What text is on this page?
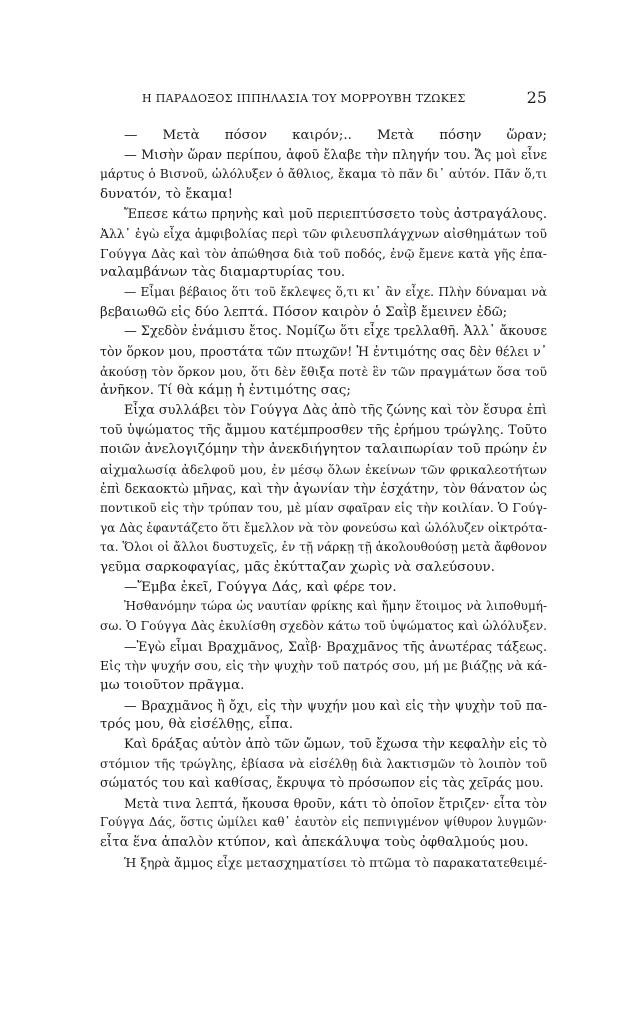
Η ΠΑΡΑΔΟΞΟΣ ΙΠΠΗΛΑΣΙΑ ΤΟΥ ΜΟΡΡΟΥΒΗ ΤΖΩΚΕΣ	25
— Μετὰ πόσον καιρόν;.. Μετὰ πόσην ὥραν;
— Μισὴν ὥραν περίπου, ἀφοῦ ἔλαβε τὴν πληγήν του. Ἄς μοὶ εἶνε
μάρτυς ὁ Βισνοῦ, ὠλόλυξεν ὁ ἄθλιος, ἔκαμα τὸ πᾶν δι᾽ αὐτόν. Πᾶν ὅ,τι
δυνατόν, τὸ ἔκαμα!
Ἔπεσε κάτω πρηνὴς καὶ μοῦ περιεπτύσσετο τοὺς ἀστραγάλους.
Ἀλλ᾽ ἐγὼ εἶχα ἀμφιβολίας περὶ τῶν φιλευσπλάγχνων αἰσθημάτων τοῦ
Γούγγα Δὰς καὶ τὸν ἀπώθησα διὰ τοῦ ποδός, ἐνῷ ἔμενε κατὰ γῆς ἐπα-
ναλαμβάνων τὰς διαμαρτυρίας του.
— Εἶμαι βέβαιος ὅτι τοῦ ἔκλεψες ὅ,τι κι᾽ ἂν εἶχε. Πλὴν δύναμαι νὰ
βεβαιωθῶ εἰς δύο λεπτά. Πόσον καιρὸν ὁ Σαῒβ ἔμεινεν ἐδῶ;
— Σχεδὸν ἐνάμισυ ἔτος. Νομίζω ὅτι εἶχε τρελλαθῆ. Ἀλλ᾽ ἄκουσε
τὸν ὅρκον μου, προστάτα τῶν πτωχῶν! Ἡ ἐντιμότης σας δὲν θέλει ν᾽
ἀκούσῃ τὸν ὅρκον μου, ὅτι δὲν ἔθιξα ποτὲ ἓν τῶν πραγμάτων ὅσα τοῦ
ἀνῆκον. Τί θὰ κάμῃ ἡ ἐντιμότης σας;
Εἶχα συλλάβει τὸν Γούγγα Δὰς ἀπὸ τῆς ζώνης καὶ τὸν ἔσυρα ἐπὶ
τοῦ ὑψώματος τῆς ἄμμου κατέμπροσθεν τῆς ἐρήμου τρώγλης. Τοῦτο
ποιῶν ἀνελογιζόμην τὴν ἀνεκδιήγητον ταλαιπωρίαν τοῦ πρώην ἐν
αἰχμαλωσίᾳ ἀδελφοῦ μου, ἐν μέσῳ ὅλων ἐκείνων τῶν φρικαλεοτήτων
ἐπὶ δεκαοκτὼ μῆνας, καὶ τὴν ἀγωνίαν τὴν ἐσχάτην, τὸν θάνατον ὡς
ποντικοῦ εἰς τὴν τρύπαν του, μὲ μίαν σφαῖραν εἰς τὴν κοιλίαν. Ὁ Γούγ-
γα Δὰς ἐφαντάζετο ὅτι ἔμελλον νὰ τὸν φονεύσω καὶ ὠλόλυζεν οἰκτρότα-
τα. Ὅλοι οἱ ἄλλοι δυστυχεῖς, ἐν τῇ νάρκῃ τῇ ἀκολουθούσῃ μετὰ ἄφθονον
γεῦμα σαρκοφαγίας, μᾶς ἐκύτταζαν χωρὶς νὰ σαλεύσουν.
—Ἔμβα ἐκεῖ, Γούγγα Δάς, καὶ φέρε τον.
Ἠσθανόμην τώρα ὡς ναυτίαν φρίκης καὶ ἤμην ἕτοιμος νὰ λιποθυμή-
σω. Ὁ Γούγγα Δὰς ἐκυλίσθη σχεδὸν κάτω τοῦ ὑψώματος καὶ ὠλόλυξεν.
—Ἐγὼ εἶμαι Βραχμᾶνος, Σαῒβ· Βραχμᾶνος τῆς ἀνωτέρας τάξεως.
Εἰς τὴν ψυχήν σου, εἰς τὴν ψυχὴν τοῦ πατρός σου, μή με βιάζῃς νὰ κά-
μω τοιοῦτον πρᾶγμα.
— Βραχμᾶνος ἢ ὄχι, εἰς τὴν ψυχήν μου καὶ εἰς τὴν ψυχὴν τοῦ πα-
τρός μου, θὰ εἰσέλθῃς, εἶπα.
Καὶ δράξας αὐτὸν ἀπὸ τῶν ὤμων, τοῦ ἔχωσα τὴν κεφαλὴν εἰς τὸ
στόμιον τῆς τρώγλης, ἐβίασα νὰ εἰσέλθῃ διὰ λακτισμῶν τὸ λοιπὸν τοῦ
σώματός του καὶ καθίσας, ἔκρυψα τὸ πρόσωπον εἰς τὰς χεῖράς μου.
Μετὰ τινα λεπτά, ἤκουσα θροῦν, κάτι τὸ ὁποῖον ἔτριζεν· εἶτα τὸν
Γούγγα Δάς, ὅστις ὡμίλει καθ᾽ ἑαυτὸν εἰς πεπνιγμένον ψίθυρον λυγμῶν·
εἶτα ἕνα ἁπαλὸν κτύπον, καὶ ἀπεκάλυψα τοὺς ὀφθαλμούς μου.
Ἡ ξηρὰ ἄμμος εἶχε μετασχηματίσει τὸ πτῶμα τὸ παρακατατεθειμέ-
